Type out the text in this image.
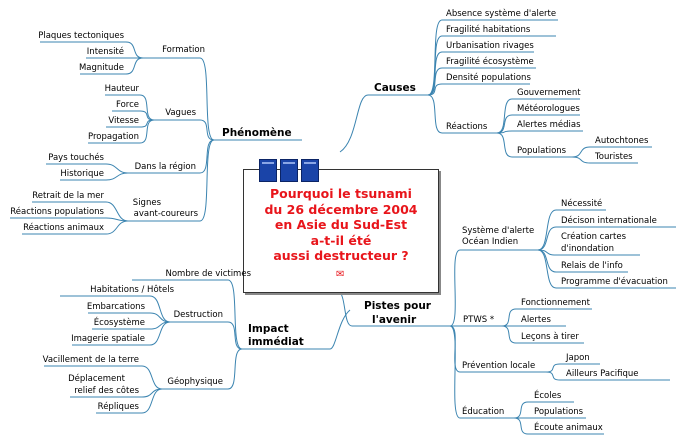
Pourquoi le tsunami
du 26 décembre 2004
en Asie du Sud-Est
a-t-il été
aussi destructeur ?
✉
Phénomène
Impact
immédiat
Causes
Pistes pour
l'avenir
Formation
Plaques tectoniques
Intensité
Magnitude
Vagues
Hauteur
Force
Vitesse
Propagation
Dans la région
Pays touchés
Historique
Signes
avant-coureurs
Retrait de la mer
Réactions populations
Réactions animaux
Nombre de victimes
Destruction
Habitations / Hôtels
Embarcations
Écosystème
Imagerie spatiale
Géophysique
Vacillement de la terre
Déplacement
relief des côtes
Répliques
Absence système d'alerte
Fragilité habitations
Urbanisation rivages
Fragilité écosystème
Densité populations
Réactions
Gouvernement
Météorologues
Alertes médias
Populations
Autochtones
Touristes
Système d'alerte
Océan Indien
Nécessité
Décison internationale
Création cartes
d'inondation
Relais de l'info
Programme d'évacuation
PTWS *
Fonctionnement
Alertes
Leçons à tirer
Prévention locale
Japon
Ailleurs Pacifique
Éducation
Écoles
Populations
Écoute animaux
